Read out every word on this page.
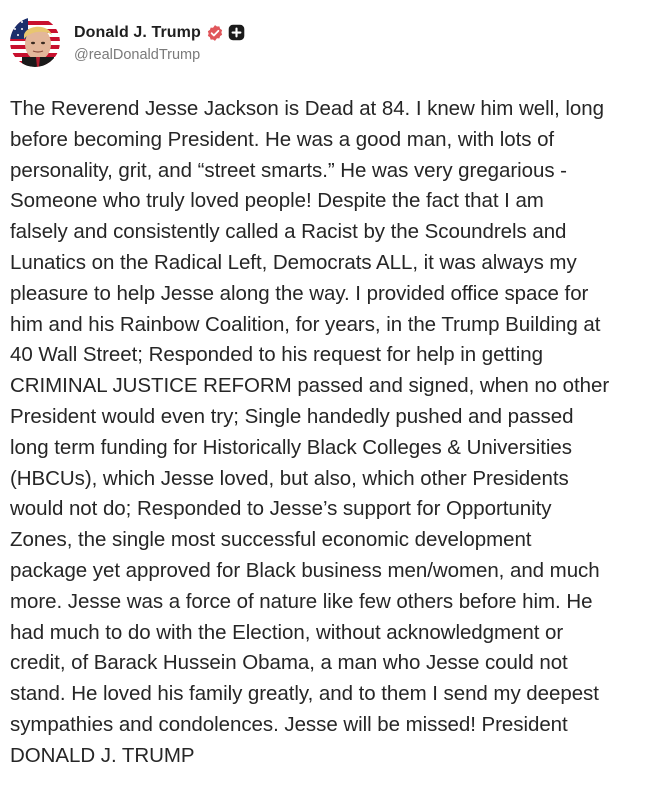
Donald J. Trump
@realDonaldTrump
The Reverend Jesse Jackson is Dead at 84. I knew him well, long
before becoming President. He was a good man, with lots of
personality, grit, and “street smarts.” He was very gregarious -
Someone who truly loved people! Despite the fact that I am
falsely and consistently called a Racist by the Scoundrels and
Lunatics on the Radical Left, Democrats ALL, it was always my
pleasure to help Jesse along the way. I provided office space for
him and his Rainbow Coalition, for years, in the Trump Building at
40 Wall Street; Responded to his request for help in getting
CRIMINAL JUSTICE REFORM passed and signed, when no other
President would even try; Single handedly pushed and passed
long term funding for Historically Black Colleges & Universities
(HBCUs), which Jesse loved, but also, which other Presidents
would not do; Responded to Jesse’s support for Opportunity
Zones, the single most successful economic development
package yet approved for Black business men/women, and much
more. Jesse was a force of nature like few others before him. He
had much to do with the Election, without acknowledgment or
credit, of Barack Hussein Obama, a man who Jesse could not
stand. He loved his family greatly, and to them I send my deepest
sympathies and condolences. Jesse will be missed! President
DONALD J. TRUMP
